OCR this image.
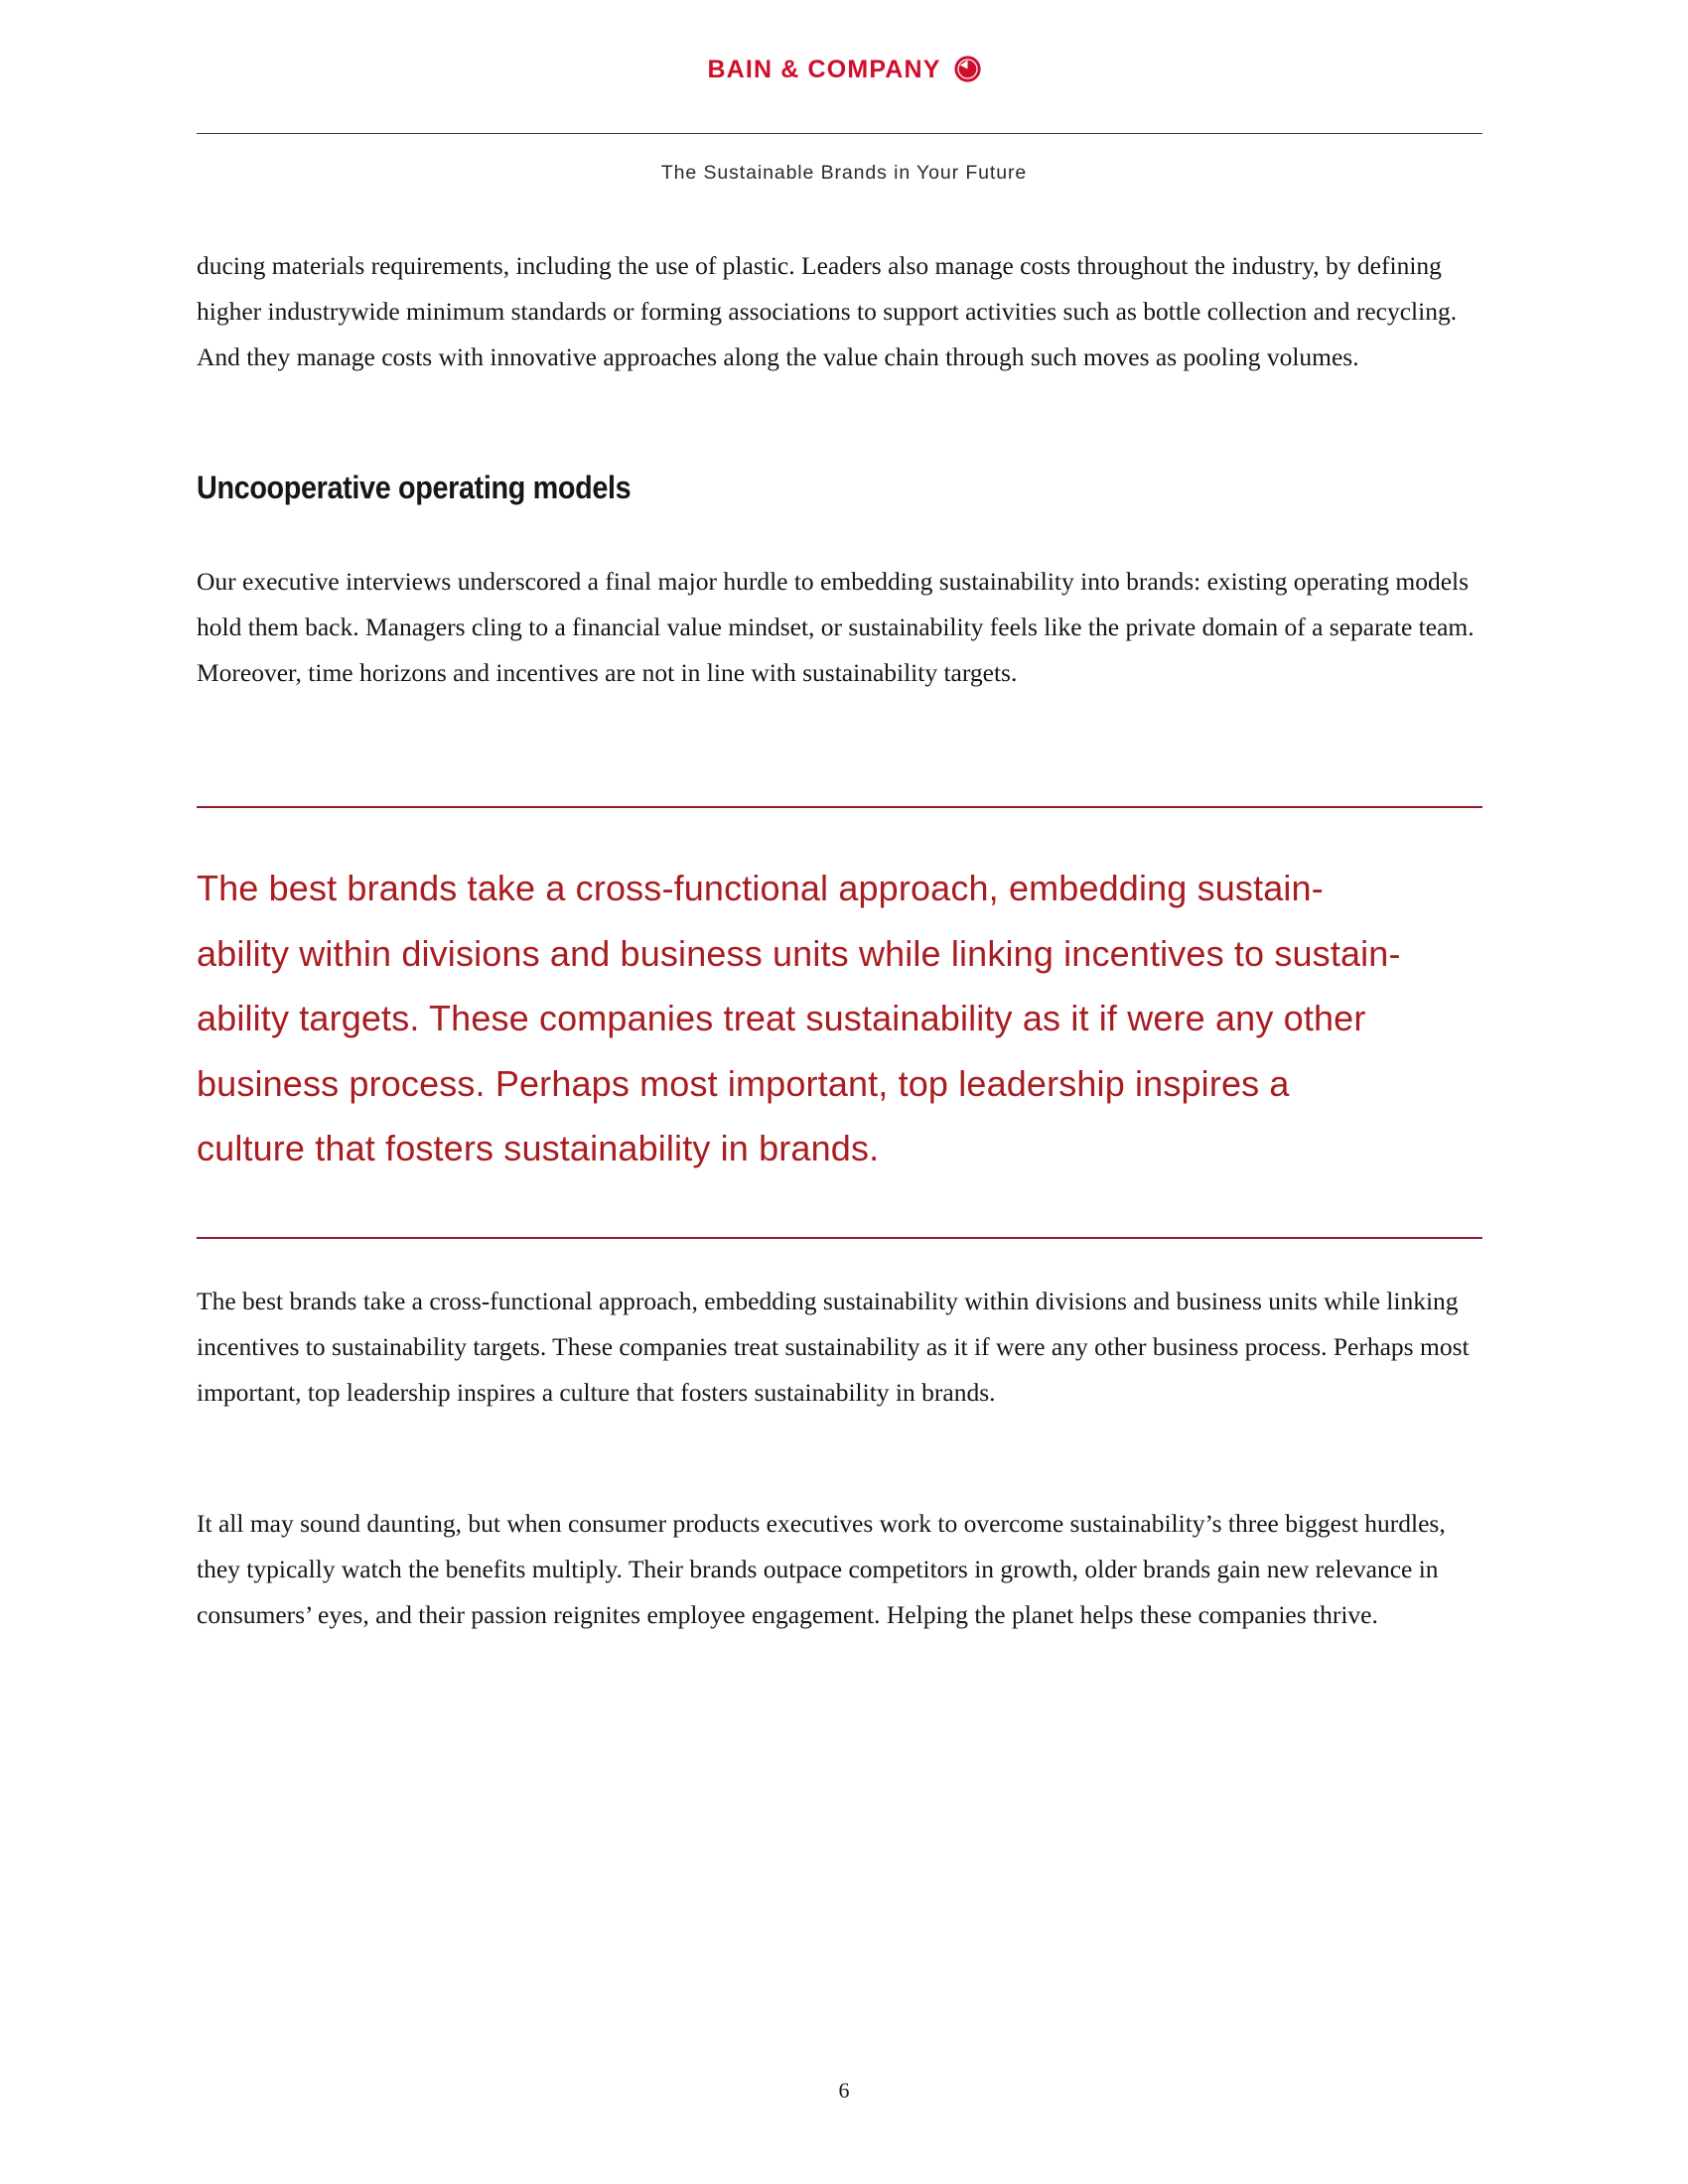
BAIN & COMPANY
The Sustainable Brands in Your Future

ducing materials requirements, including the use of plastic. Leaders also manage costs throughout the industry, by defining higher industrywide minimum standards or forming associations to support activities such as bottle collection and recycling. And they manage costs with innovative approaches along the value chain through such moves as pooling volumes.

Uncooperative operating models

Our executive interviews underscored a final major hurdle to embedding sustainability into brands: existing operating models hold them back. Managers cling to a financial value mindset, or sustainability feels like the private domain of a separate team. Moreover, time horizons and incentives are not in line with sustainability targets.

The best brands take a cross-functional approach, embedding sustain-
ability within divisions and business units while linking incentives to sustain-
ability targets. These companies treat sustainability as it if were any other
business process. Perhaps most important, top leadership inspires a
culture that fosters sustainability in brands.

The best brands take a cross-functional approach, embedding sustainability within divisions and business units while linking incentives to sustainability targets. These companies treat sustainability as it if were any other business process. Perhaps most important, top leadership inspires a culture that fosters sustainability in brands.

It all may sound daunting, but when consumer products executives work to overcome sustainability’s three biggest hurdles, they typically watch the benefits multiply. Their brands outpace competitors in growth, older brands gain new relevance in consumers’ eyes, and their passion reignites employee engagement. Helping the planet helps these companies thrive.

6
